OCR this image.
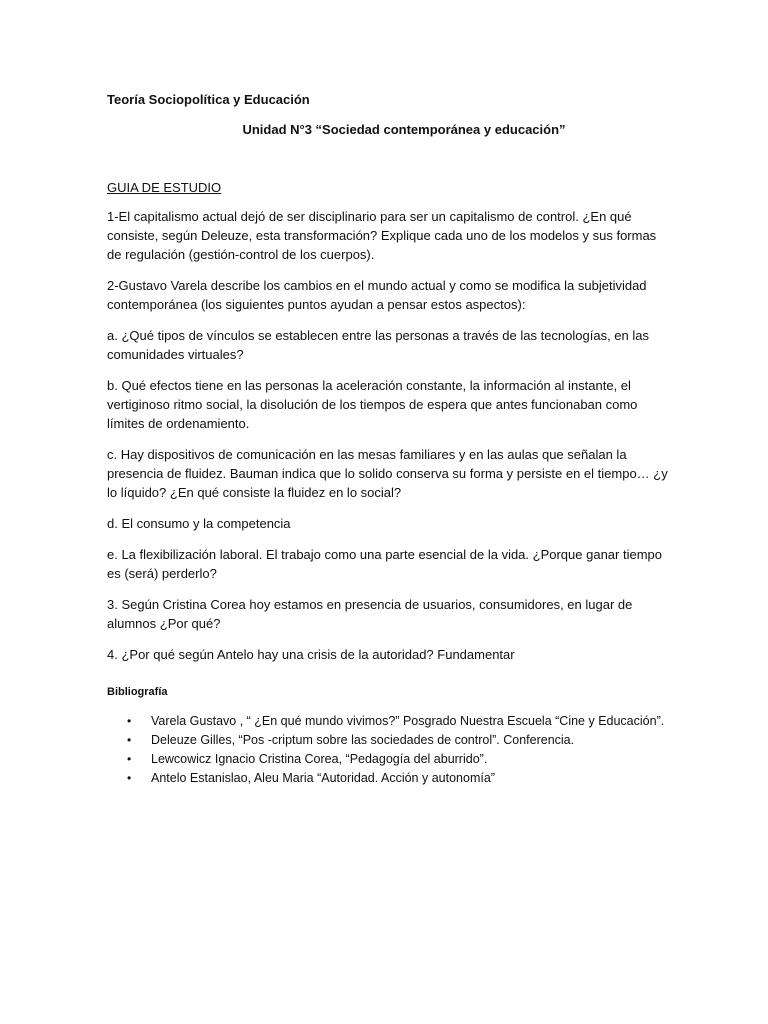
Teoría Sociopolítica y Educación
Unidad N°3 “Sociedad contemporánea y educación”
GUIA DE ESTUDIO

1-El capitalismo actual dejó de ser disciplinario para ser un capitalismo de control. ¿En qué consiste, según Deleuze, esta transformación? Explique cada uno de los modelos y sus formas de regulación (gestión-control de los cuerpos).

2-Gustavo Varela describe los cambios en el mundo actual y como se modifica la subjetividad contemporánea (los siguientes puntos ayudan a pensar estos aspectos):

a. ¿Qué tipos de vínculos se establecen entre las personas a través de las tecnologías, en las comunidades virtuales?

b. Qué efectos tiene en las personas la aceleración constante, la información al instante, el vertiginoso ritmo social, la disolución de los tiempos de espera que antes funcionaban como límites de ordenamiento.

c. Hay dispositivos de comunicación en las mesas familiares y en las aulas que señalan la presencia de fluidez. Bauman indica que lo solido conserva su forma y persiste en el tiempo… ¿y lo líquido? ¿En qué consiste la fluidez en lo social?

d. El consumo y la competencia

e. La flexibilización laboral. El trabajo como una parte esencial de la vida. ¿Porque ganar tiempo es (será) perderlo?

3. Según Cristina Corea hoy estamos en presencia de usuarios, consumidores, en lugar de alumnos ¿Por qué?

4. ¿Por qué según Antelo hay una crisis de la autoridad? Fundamentar

Bibliografía
• Varela Gustavo , “ ¿En qué mundo vivimos?” Posgrado Nuestra Escuela “Cine y Educación”.
• Deleuze Gilles, “Pos -criptum sobre las sociedades de control”. Conferencia.
• Lewcowicz Ignacio Cristina Corea, “Pedagogía del aburrido”.
• Antelo Estanislao, Aleu Maria “Autoridad. Acción y autonomía”
